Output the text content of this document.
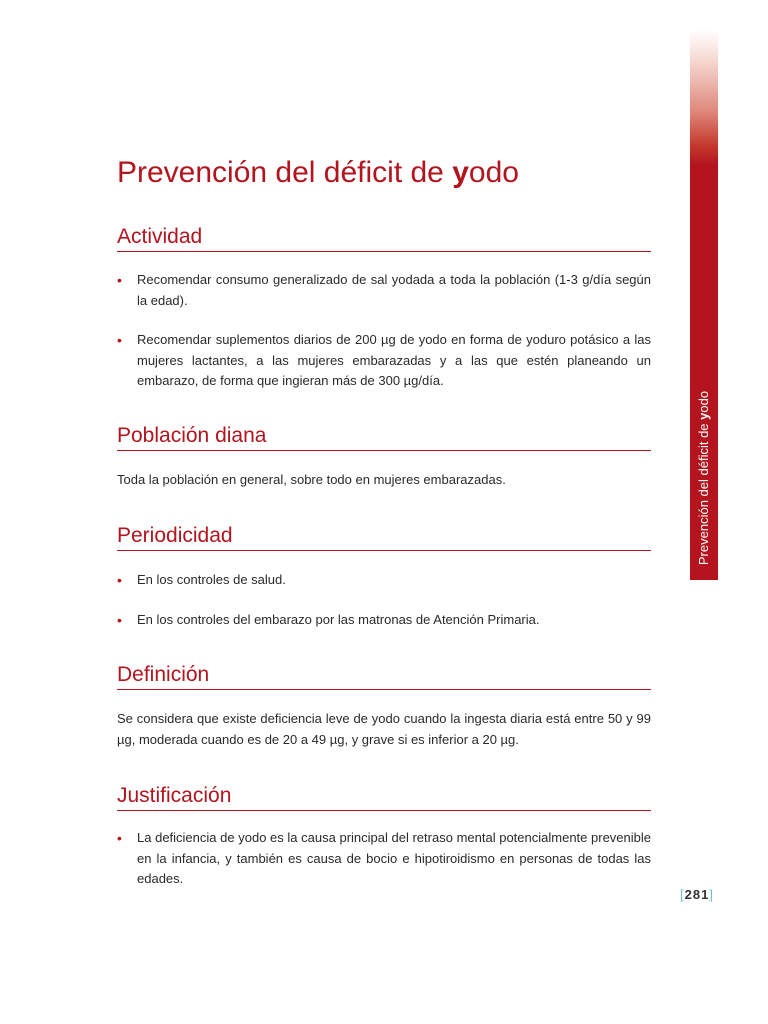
Prevención del déficit de yodo
Prevención del déficit de yodo
Actividad
• Recomendar consumo generalizado de sal yodada a toda la población (1-3 g/día según la edad).
• Recomendar suplementos diarios de 200 µg de yodo en forma de yoduro potásico a las mujeres lactantes, a las mujeres embarazadas y a las que estén planeando un embarazo, de forma que ingieran más de 300 µg/día.
Población diana

Toda la población en general, sobre todo en mujeres embarazadas.

Periodicidad
• En los controles de salud.
• En los controles del embarazo por las matronas de Atención Primaria.
Definición

Se considera que existe deficiencia leve de yodo cuando la ingesta diaria está entre 50 y 99 µg, moderada cuando es de 20 a 49 µg, y grave si es inferior a 20 µg.

Justificación
• La deficiencia de yodo es la causa principal del retraso mental potencialmente prevenible en la infancia, y también es causa de bocio e hipotiroidismo en personas de todas las edades.
[281]
